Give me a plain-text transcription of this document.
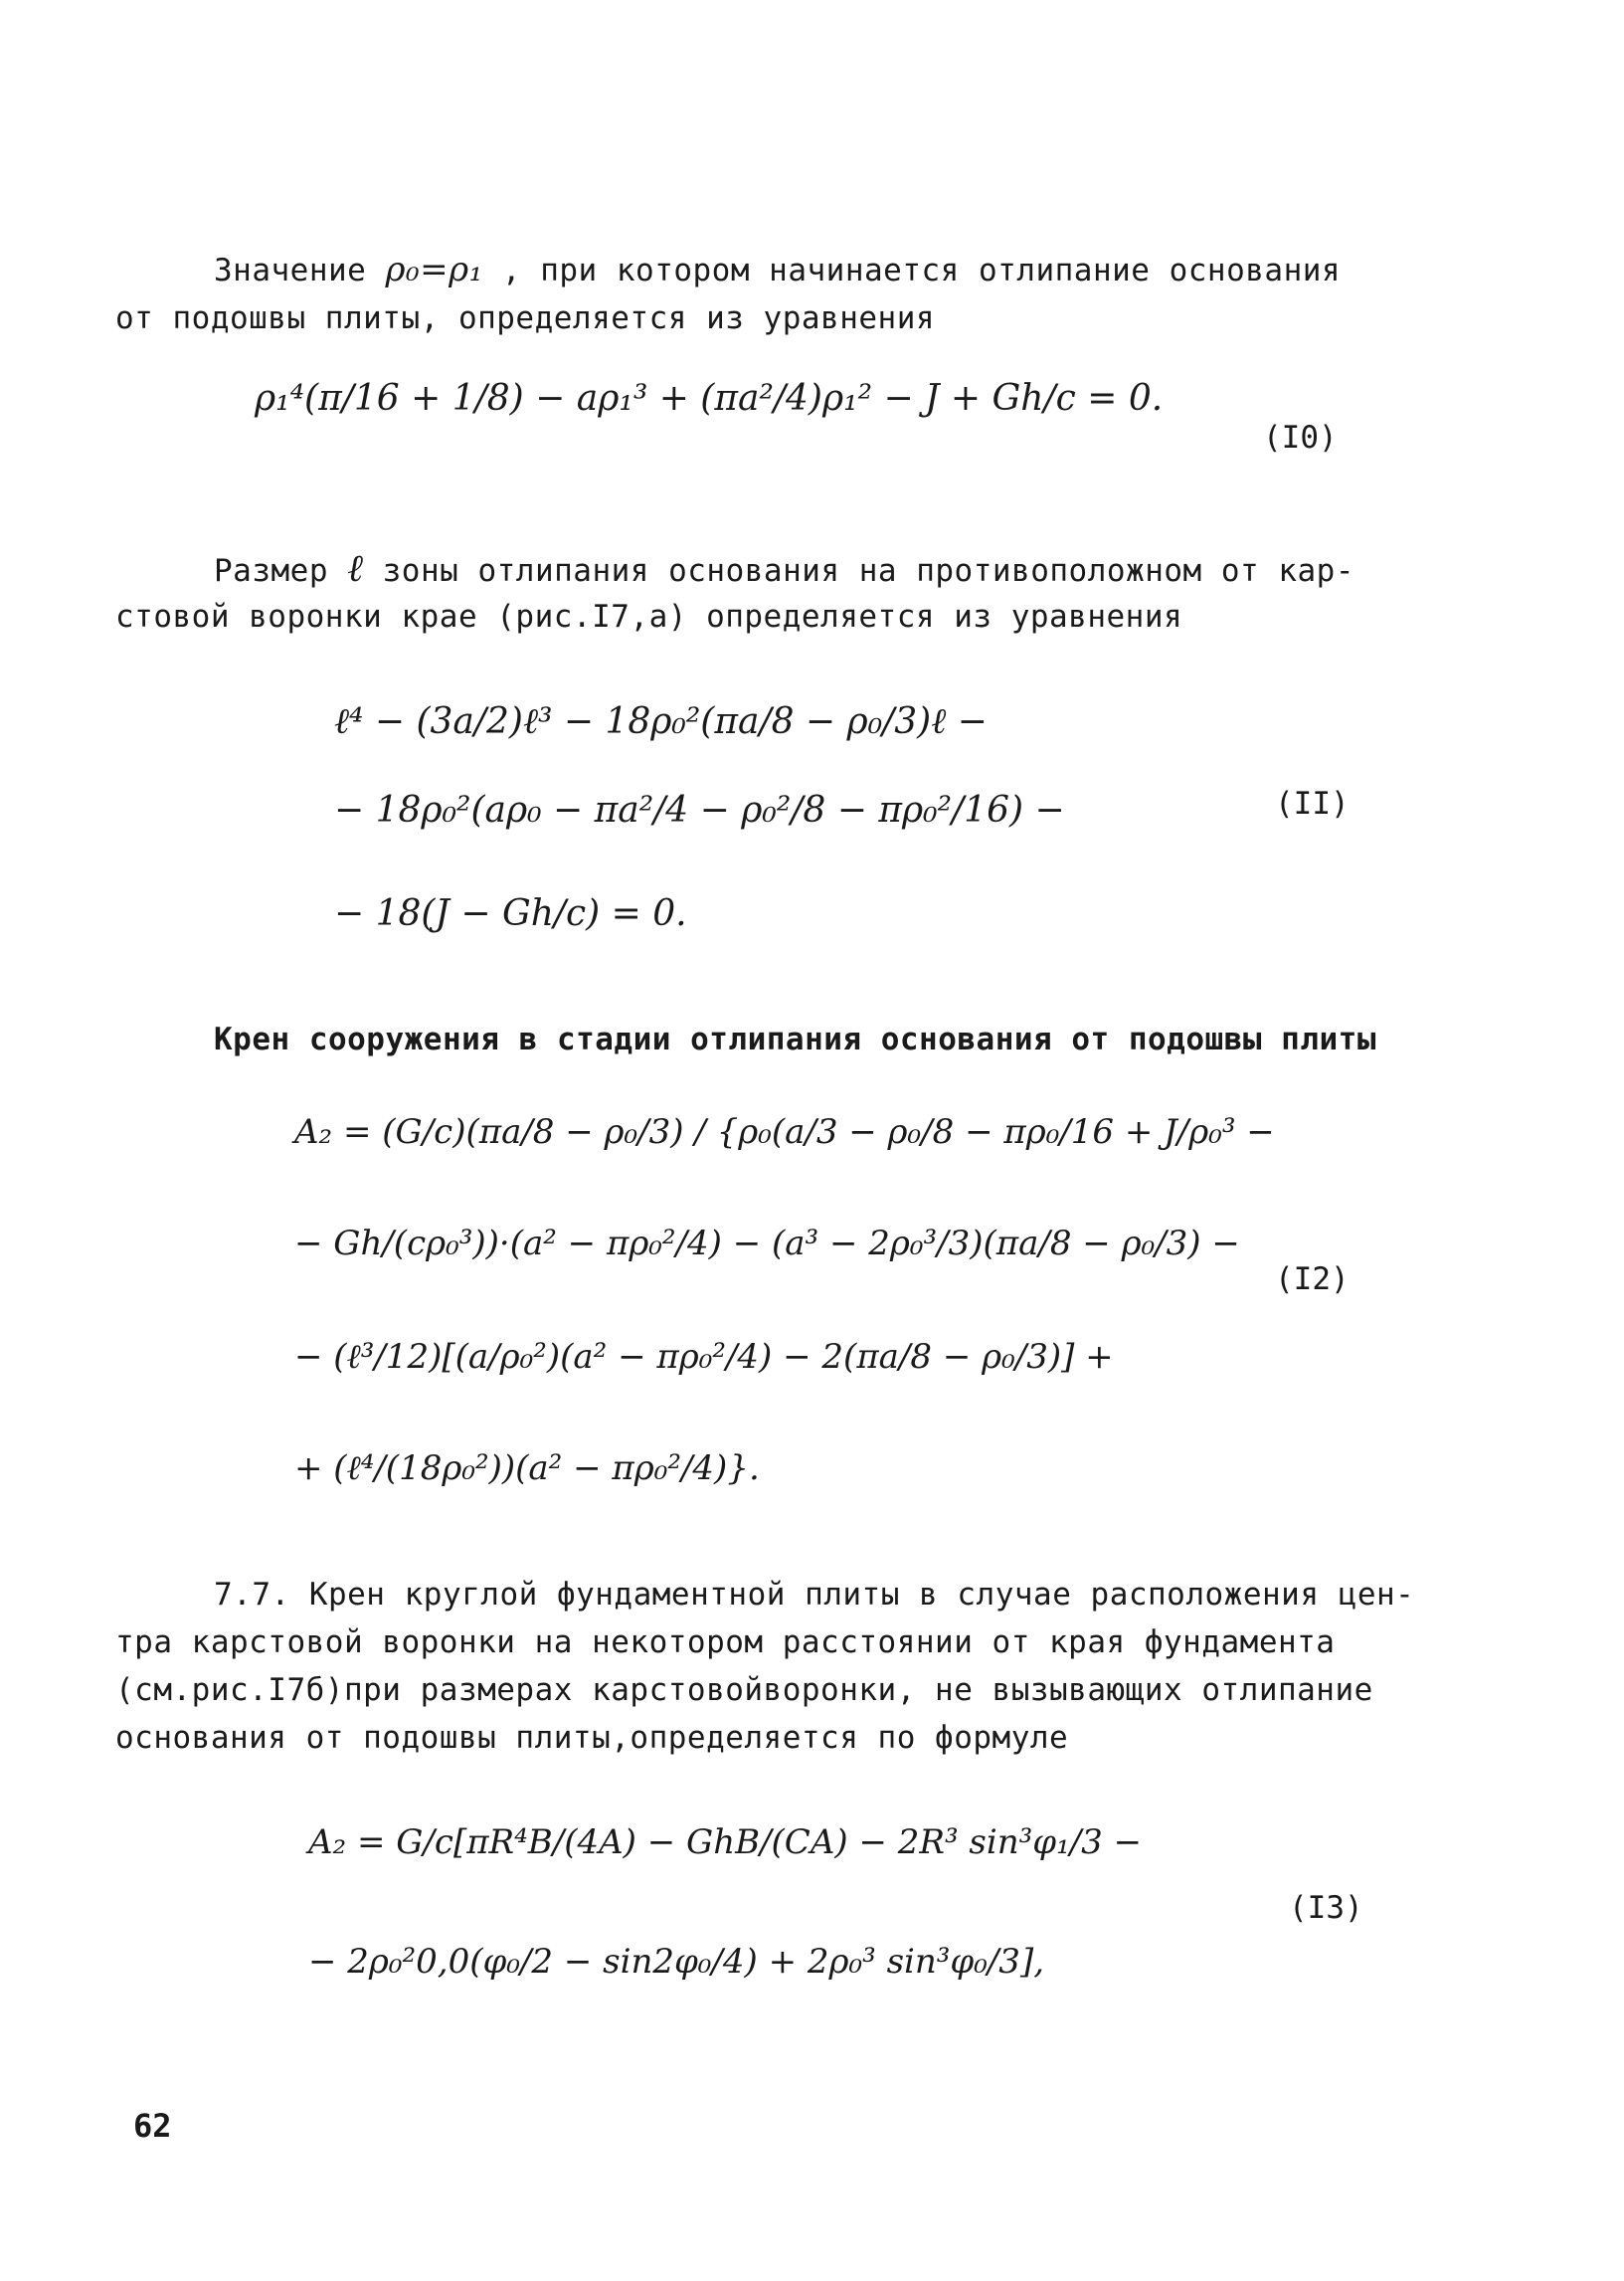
Значение ρ₀=ρ₁ , при котором начинается отлипание основания
от подошвы плиты, определяется из уравнения
ρ₁⁴(π/16 + 1/8) − aρ₁³ + (πa²/4)ρ₁² − J + Gh/c = 0.
(I0)
Размер ℓ зоны отлипания основания на противоположном от кар-
стовой воронки крае (рис.I7,а) определяется из уравнения
ℓ⁴ − (3a/2)ℓ³ − 18ρ₀²(πa/8 − ρ₀/3)ℓ −
− 18ρ₀²(aρ₀ − πa²/4 − ρ₀²/8 − πρ₀²/16) −
− 18(J − Gh/c) = 0.
(II)
Крен сооружения в стадии отлипания основания от подошвы плиты
A₂ = (G/c)(πa/8 − ρ₀/3) / {ρ₀(a/3 − ρ₀/8 − πρ₀/16 + J/ρ₀³ −
− Gh/(cρ₀³))·(a² − πρ₀²/4) − (a³ − 2ρ₀³/3)(πa/8 − ρ₀/3) −
− (ℓ³/12)[(a/ρ₀²)(a² − πρ₀²/4) − 2(πa/8 − ρ₀/3)] +
+ (ℓ⁴/(18ρ₀²))(a² − πρ₀²/4)}.
(I2)
7.7. Крен круглой фундаментной плиты в случае расположения цен-
тра карстовой воронки на некотором расстоянии от края фундамента
(см.рис.I7б)при размерах карстовойворонки, не вызывающих отлипание
основания от подошвы плиты,определяется по формуле
A₂ = G/c[πR⁴B/(4A) − GhB/(CA) − 2R³ sin³φ₁/3 −
− 2ρ₀²0,0(φ₀/2 − sin2φ₀/4) + 2ρ₀³ sin³φ₀/3],
(I3)
62
